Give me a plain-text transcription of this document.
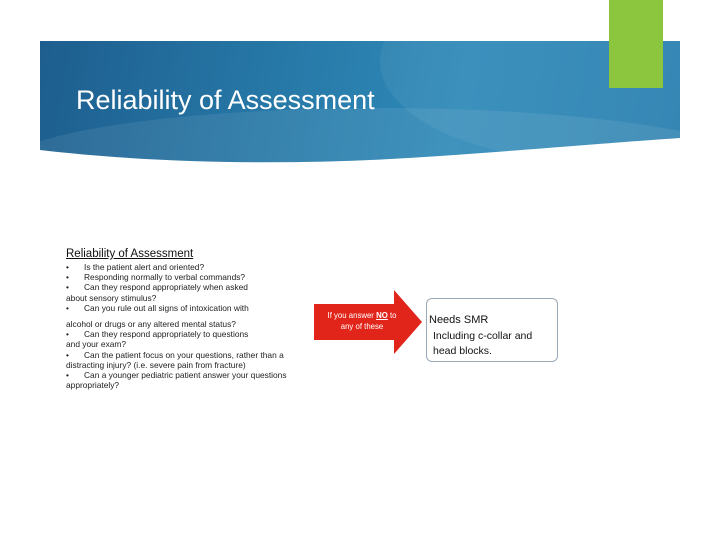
Reliability of Assessment
Reliability of Assessment
• Is the patient alert and oriented?
• Responding normally to verbal commands?
• Can they respond appropriately when asked
about sensory stimulus?
• Can you rule out all signs of intoxication with
alcohol or drugs or any altered mental status?
• Can they respond appropriately to questions
and your exam?
• Can the patient focus on your questions, rather than a
distracting injury? (i.e. severe pain from fracture)
• Can a younger pediatric patient answer your questions
appropriately?
If you answer NO to
any of these
Needs SMR
Including c-collar and
head blocks.
